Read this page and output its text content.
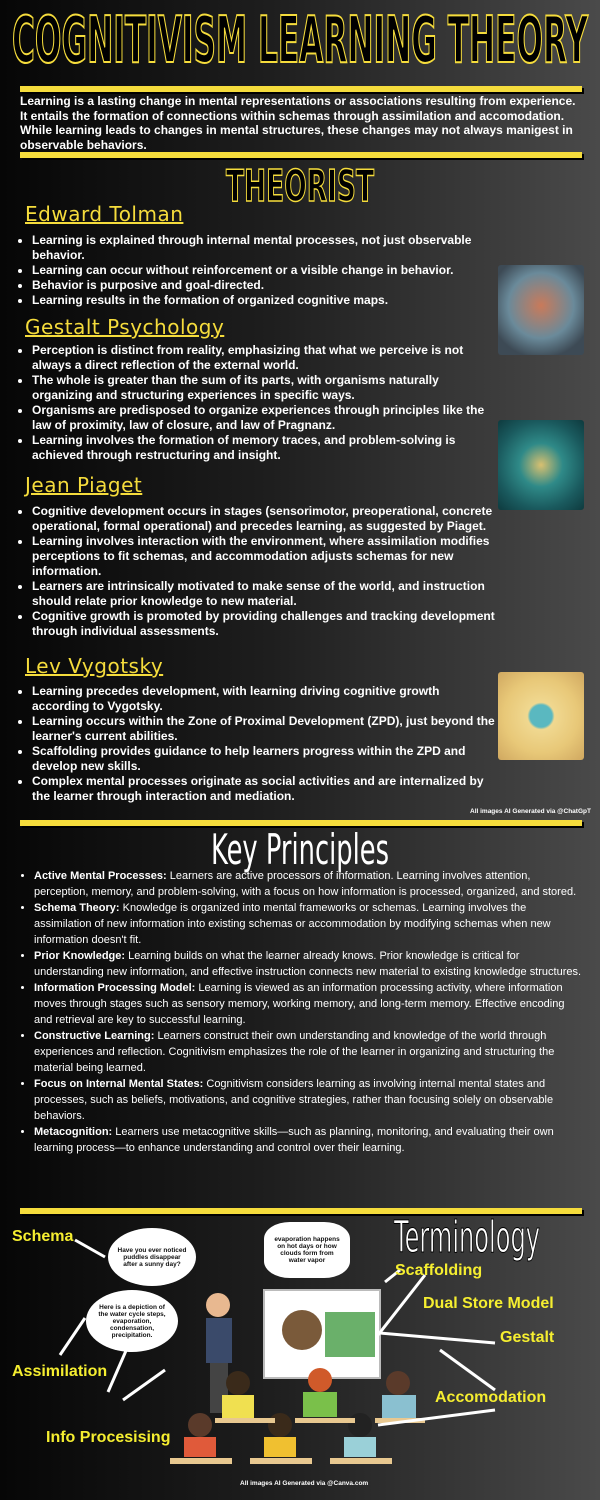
COGNITIVISM LEARNING THEORY

Learning is a lasting change in mental representations or associations resulting from experience. It entails the formation of connections within schemas through assimilation and accomodation. While learning leads to changes in mental structures, these changes may not always manigest in observable behaviors.

THEORIST
Edward Tolman
• Learning is explained through internal mental processes, not just observable behavior.
• Learning can occur without reinforcement or a visible change in behavior.
• Behavior is purposive and goal-directed.
• Learning results in the formation of organized cognitive maps.
Gestalt Psychology
• Perception is distinct from reality, emphasizing that what we perceive is not always a direct reflection of the external world.
• The whole is greater than the sum of its parts, with organisms naturally organizing and structuring experiences in specific ways.
• Organisms are predisposed to organize experiences through principles like the law of proximity, law of closure, and law of Pragnanz.
• Learning involves the formation of memory traces, and problem-solving is achieved through restructuring and insight.
Jean Piaget
• Cognitive development occurs in stages (sensorimotor, preoperational, concrete operational, formal operational) and precedes learning, as suggested by Piaget.
• Learning involves interaction with the environment, where assimilation modifies perceptions to fit schemas, and accommodation adjusts schemas for new information.
• Learners are intrinsically motivated to make sense of the world, and instruction should relate prior knowledge to new material.
• Cognitive growth is promoted by providing challenges and tracking development through individual assessments.
Lev Vygotsky
• Learning precedes development, with learning driving cognitive growth according to Vygotsky.
• Learning occurs within the Zone of Proximal Development (ZPD), just beyond the learner's current abilities.
• Scaffolding provides guidance to help learners progress within the ZPD and develop new skills.
• Complex mental processes originate as social activities and are internalized by the learner through interaction and mediation.
All images AI Generated via @ChatGpT
Key Principles
• Active Mental Processes: Learners are active processors of information. Learning involves attention, perception, memory, and problem-solving, with a focus on how information is processed, organized, and stored.
• Schema Theory: Knowledge is organized into mental frameworks or schemas. Learning involves the assimilation of new information into existing schemas or accommodation by modifying schemas when new information doesn't fit.
• Prior Knowledge: Learning builds on what the learner already knows. Prior knowledge is critical for understanding new information, and effective instruction connects new material to existing knowledge structures.
• Information Processing Model: Learning is viewed as an information processing activity, where information moves through stages such as sensory memory, working memory, and long-term memory. Effective encoding and retrieval are key to successful learning.
• Constructive Learning: Learners construct their own understanding and knowledge of the world through experiences and reflection. Cognitivism emphasizes the role of the learner in organizing and structuring the material being learned.
• Focus on Internal Mental States: Cognitivism considers learning as involving internal mental states and processes, such as beliefs, motivations, and cognitive strategies, rather than focusing solely on observable behaviors.
• Metacognition: Learners use metacognitive skills—such as planning, monitoring, and evaluating their own learning process—to enhance understanding and control over their learning.
Terminology
Have you ever noticed puddles disappear after a sunny day?
Here is a depiction of the water cycle steps, evaporation, condensation, precipitation.
evaporation happens on hot days or how clouds form from water vapor
Schema
Assimilation
Info Procesising
Scaffolding
Dual Store Model
Gestalt
Accomodation
All images AI Generated via @Canva.com
